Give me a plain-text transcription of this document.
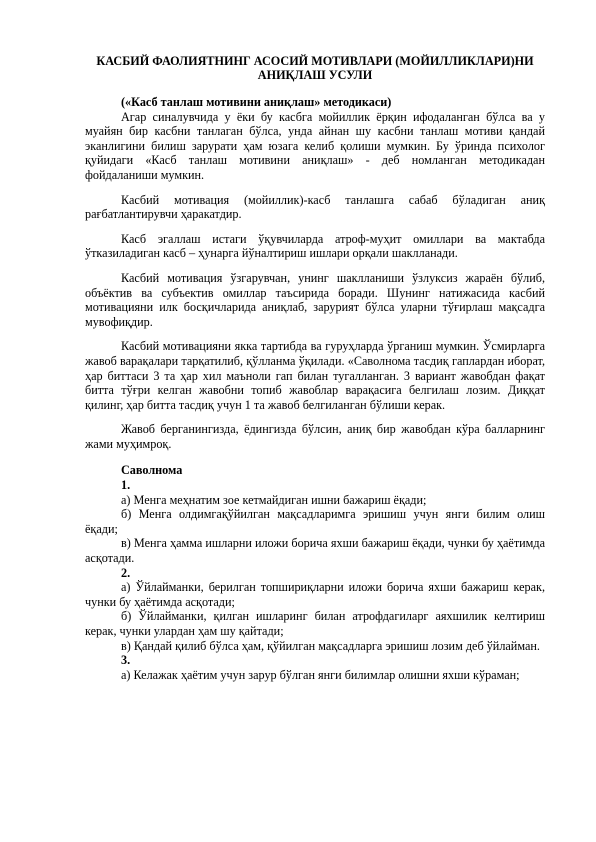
КАСБИЙ ФАОЛИЯТНИНГ АСОСИЙ МОТИВЛАРИ (МОЙИЛЛИКЛАРИ)НИ АНИҚЛАШ УСУЛИ
(«Касб танлаш мотивини аниқлаш» методикаси)

Агар синалувчида у ёки бу касбга мойиллик ёрқин ифодаланган бўлса ва у муайян бир касбни танлаган бўлса, унда айнан шу касбни танлаш мотиви қандай эканлигини билиш зарурати ҳам юзага келиб қолиши мумкин. Бу ўринда психолог қуйидаги «Касб танлаш мотивини аниқлаш» - деб номланган методикадан фойдаланиши мумкин.

Касбий мотивация (мойиллик)-касб танлашга сабаб бўладиган аниқ рағбатлантирувчи ҳаракатдир.

Касб эгаллаш истаги ўқувчиларда атроф-муҳит омиллари ва мактабда ўтказиладиган касб – ҳунарга йўналтириш ишлари орқали шаклланади.

Касбий мотивация ўзгарувчан, унинг шаклланиши ўзлуксиз жараён бўлиб, объёктив ва субъектив омиллар таъсирида боради. Шунинг натижасида касбий мотивацияни илк босқичларида аниқлаб, зарурият бўлса уларни тўғирлаш мақсадга мувофиқдир.

Касбий мотивацияни якка тартибда ва гуруҳларда ўрганиш мумкин. Ўсмирларга жавоб варақалари тарқатилиб, қўлланма ўқилади. «Саволнома тасдиқ гаплардан иборат, ҳар биттаси 3 та ҳар хил маъноли гап билан тугалланган. 3 вариант жавобдан фақат битта тўғри келган жавобни топиб жавоблар варақасига белгилаш лозим. Диққат қилинг, ҳар битта тасдиқ учун 1 та жавоб белгиланган бўлиши керак.

Жавоб берганингизда, ёдингизда бўлсин, аниқ бир жавобдан кўра балларнинг жами муҳимроқ.

Саволнома
1.
а) Менга меҳнатим зое кетмайдиган ишни бажариш ёқади;
б) Менга олдимгақўйилган мақсадларимга эришиш учун янги билим олиш ёқади;
в) Менга ҳамма ишларни иложи борича яхши бажариш ёқади, чунки бу ҳаётимда асқотади.
2.
а) Ўйлайманки, берилган топшириқларни иложи борича яхши бажариш керак, чунки бу ҳаётимда асқотади;
б) Ўйлайманки, қилган ишларинг билан атрофдагиларг аяхшилик келтириш керак, чунки улардан ҳам шу қайтади;
в) Қандай қилиб бўлса ҳам, қўйилган мақсадларга эришиш лозим деб ўйлайман.
3.
а) Келажак ҳаётим учун зарур бўлган янги билимлар олишни яхши кўраман;
